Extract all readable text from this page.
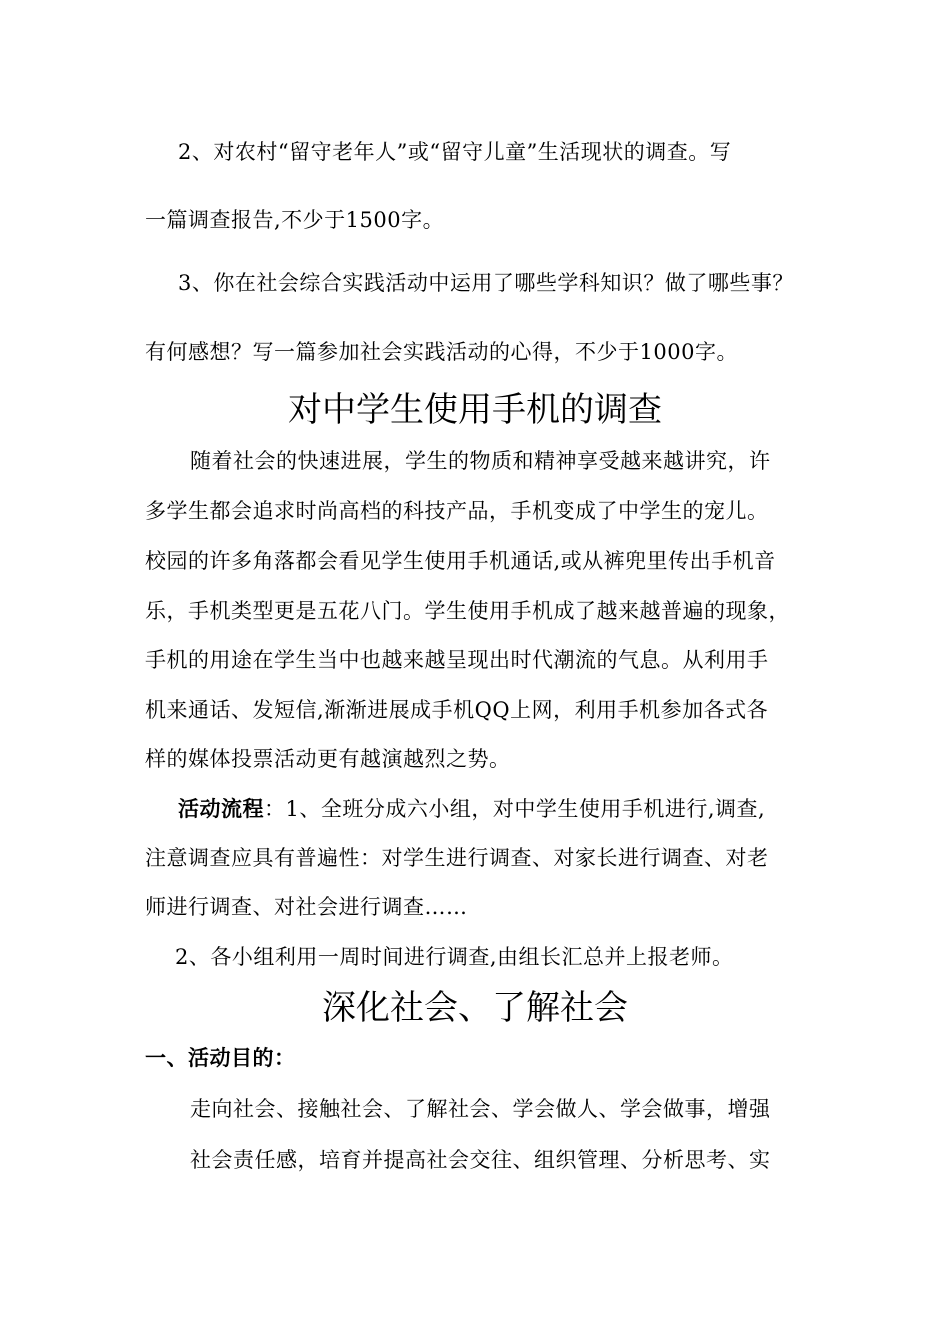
2、对农村“留守老年人”或“留守儿童”生活现状的调查。写
一篇调查报告,不少于1500字。
3、你在社会综合实践活动中运用了哪些学科知识？做了哪些事？
有何感想？写一篇参加社会实践活动的心得，不少于1000字。
对中学生使用手机的调查
随着社会的快速进展，学生的物质和精神享受越来越讲究，许
多学生都会追求时尚高档的科技产品，手机变成了中学生的宠儿。
校园的许多角落都会看见学生使用手机通话,或从裤兜里传出手机音
乐，手机类型更是五花八门。学生使用手机成了越来越普遍的现象，
手机的用途在学生当中也越来越呈现出时代潮流的气息。从利用手
机来通话、发短信,渐渐进展成手机QQ上网，利用手机参加各式各
样的媒体投票活动更有越演越烈之势。
活动流程：1、全班分成六小组，对中学生使用手机进行,调查,
注意调查应具有普遍性：对学生进行调查、对家长进行调查、对老
师进行调查、对社会进行调查……
2、各小组利用一周时间进行调查,由组长汇总并上报老师。
深化社会、了解社会
一、活动目的：
走向社会、接触社会、了解社会、学会做人、学会做事，增强
社会责任感，培育并提高社会交往、组织管理、分析思考、实
